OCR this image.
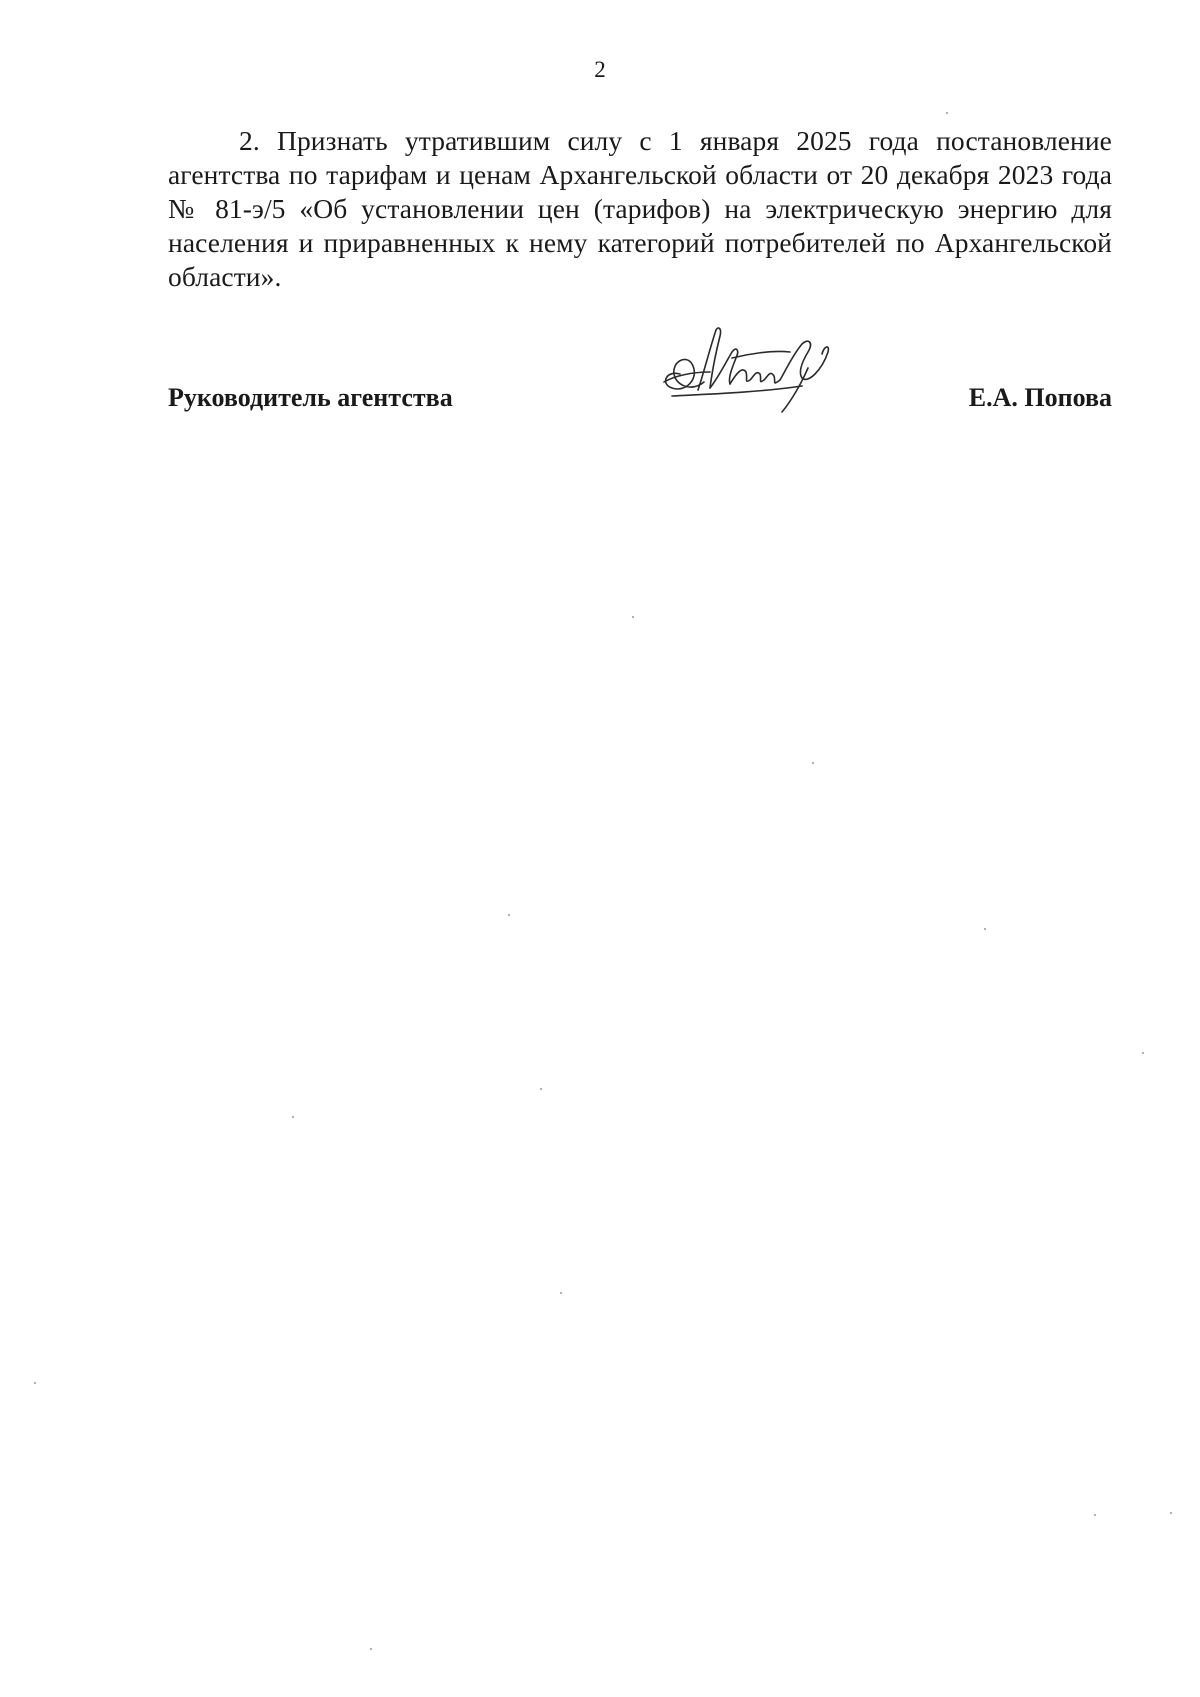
2

2. Признать утратившим силу с 1 января 2025 года постановление агентства по тарифам и ценам Архангельской области от 20 декабря 2023 года № 81-э/5 «Об установлении цен (тарифов) на электрическую энергию для населения и приравненных к нему категорий потребителей по Архангельской области».

Руководитель агентства	Е.А. Попова
